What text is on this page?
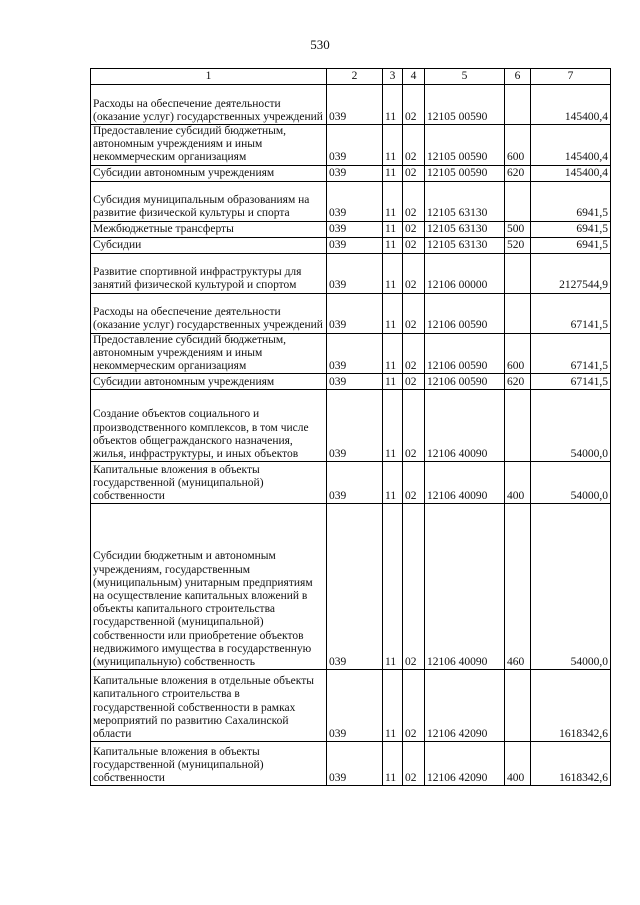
530
1	2	3	4	5	6	7
Расходы на обеспечение деятельности (оказание услуг) государственных учреждений	039	11	02	12105 00590		145400,4
Предоставление субсидий бюджетным, автономным учреждениям и иным некоммерческим организациям	039	11	02	12105 00590	600	145400,4
Субсидии автономным учреждениям	039	11	02	12105 00590	620	145400,4
Субсидия муниципальным образованиям на развитие физической культуры и спорта	039	11	02	12105 63130		6941,5
Межбюджетные трансферты	039	11	02	12105 63130	500	6941,5
Субсидии	039	11	02	12105 63130	520	6941,5
Развитие спортивной инфраструктуры для занятий физической культурой и спортом	039	11	02	12106 00000		2127544,9
Расходы на обеспечение деятельности (оказание услуг) государственных учреждений	039	11	02	12106 00590		67141,5
Предоставление субсидий бюджетным, автономным учреждениям и иным некоммерческим организациям	039	11	02	12106 00590	600	67141,5
Субсидии автономным учреждениям	039	11	02	12106 00590	620	67141,5
Создание объектов социального и производственного комплексов, в том числе объектов общегражданского назначения, жилья, инфраструктуры, и иных объектов	039	11	02	12106 40090		54000,0
Капитальные вложения в объекты государственной (муниципальной) собственности	039	11	02	12106 40090	400	54000,0
Субсидии бюджетным и автономным учреждениям, государственным (муниципальным) унитарным предприятиям на осуществление капитальных вложений в объекты капитального строительства государственной (муниципальной) собственности или приобретение объектов недвижимого имущества в государственную (муниципальную) собственность	039	11	02	12106 40090	460	54000,0
Капитальные вложения в отдельные объекты капитального строительства в государственной собственности в рамках мероприятий по развитию Сахалинской области	039	11	02	12106 42090		1618342,6
Капитальные вложения в объекты государственной (муниципальной) собственности	039	11	02	12106 42090	400	1618342,6
